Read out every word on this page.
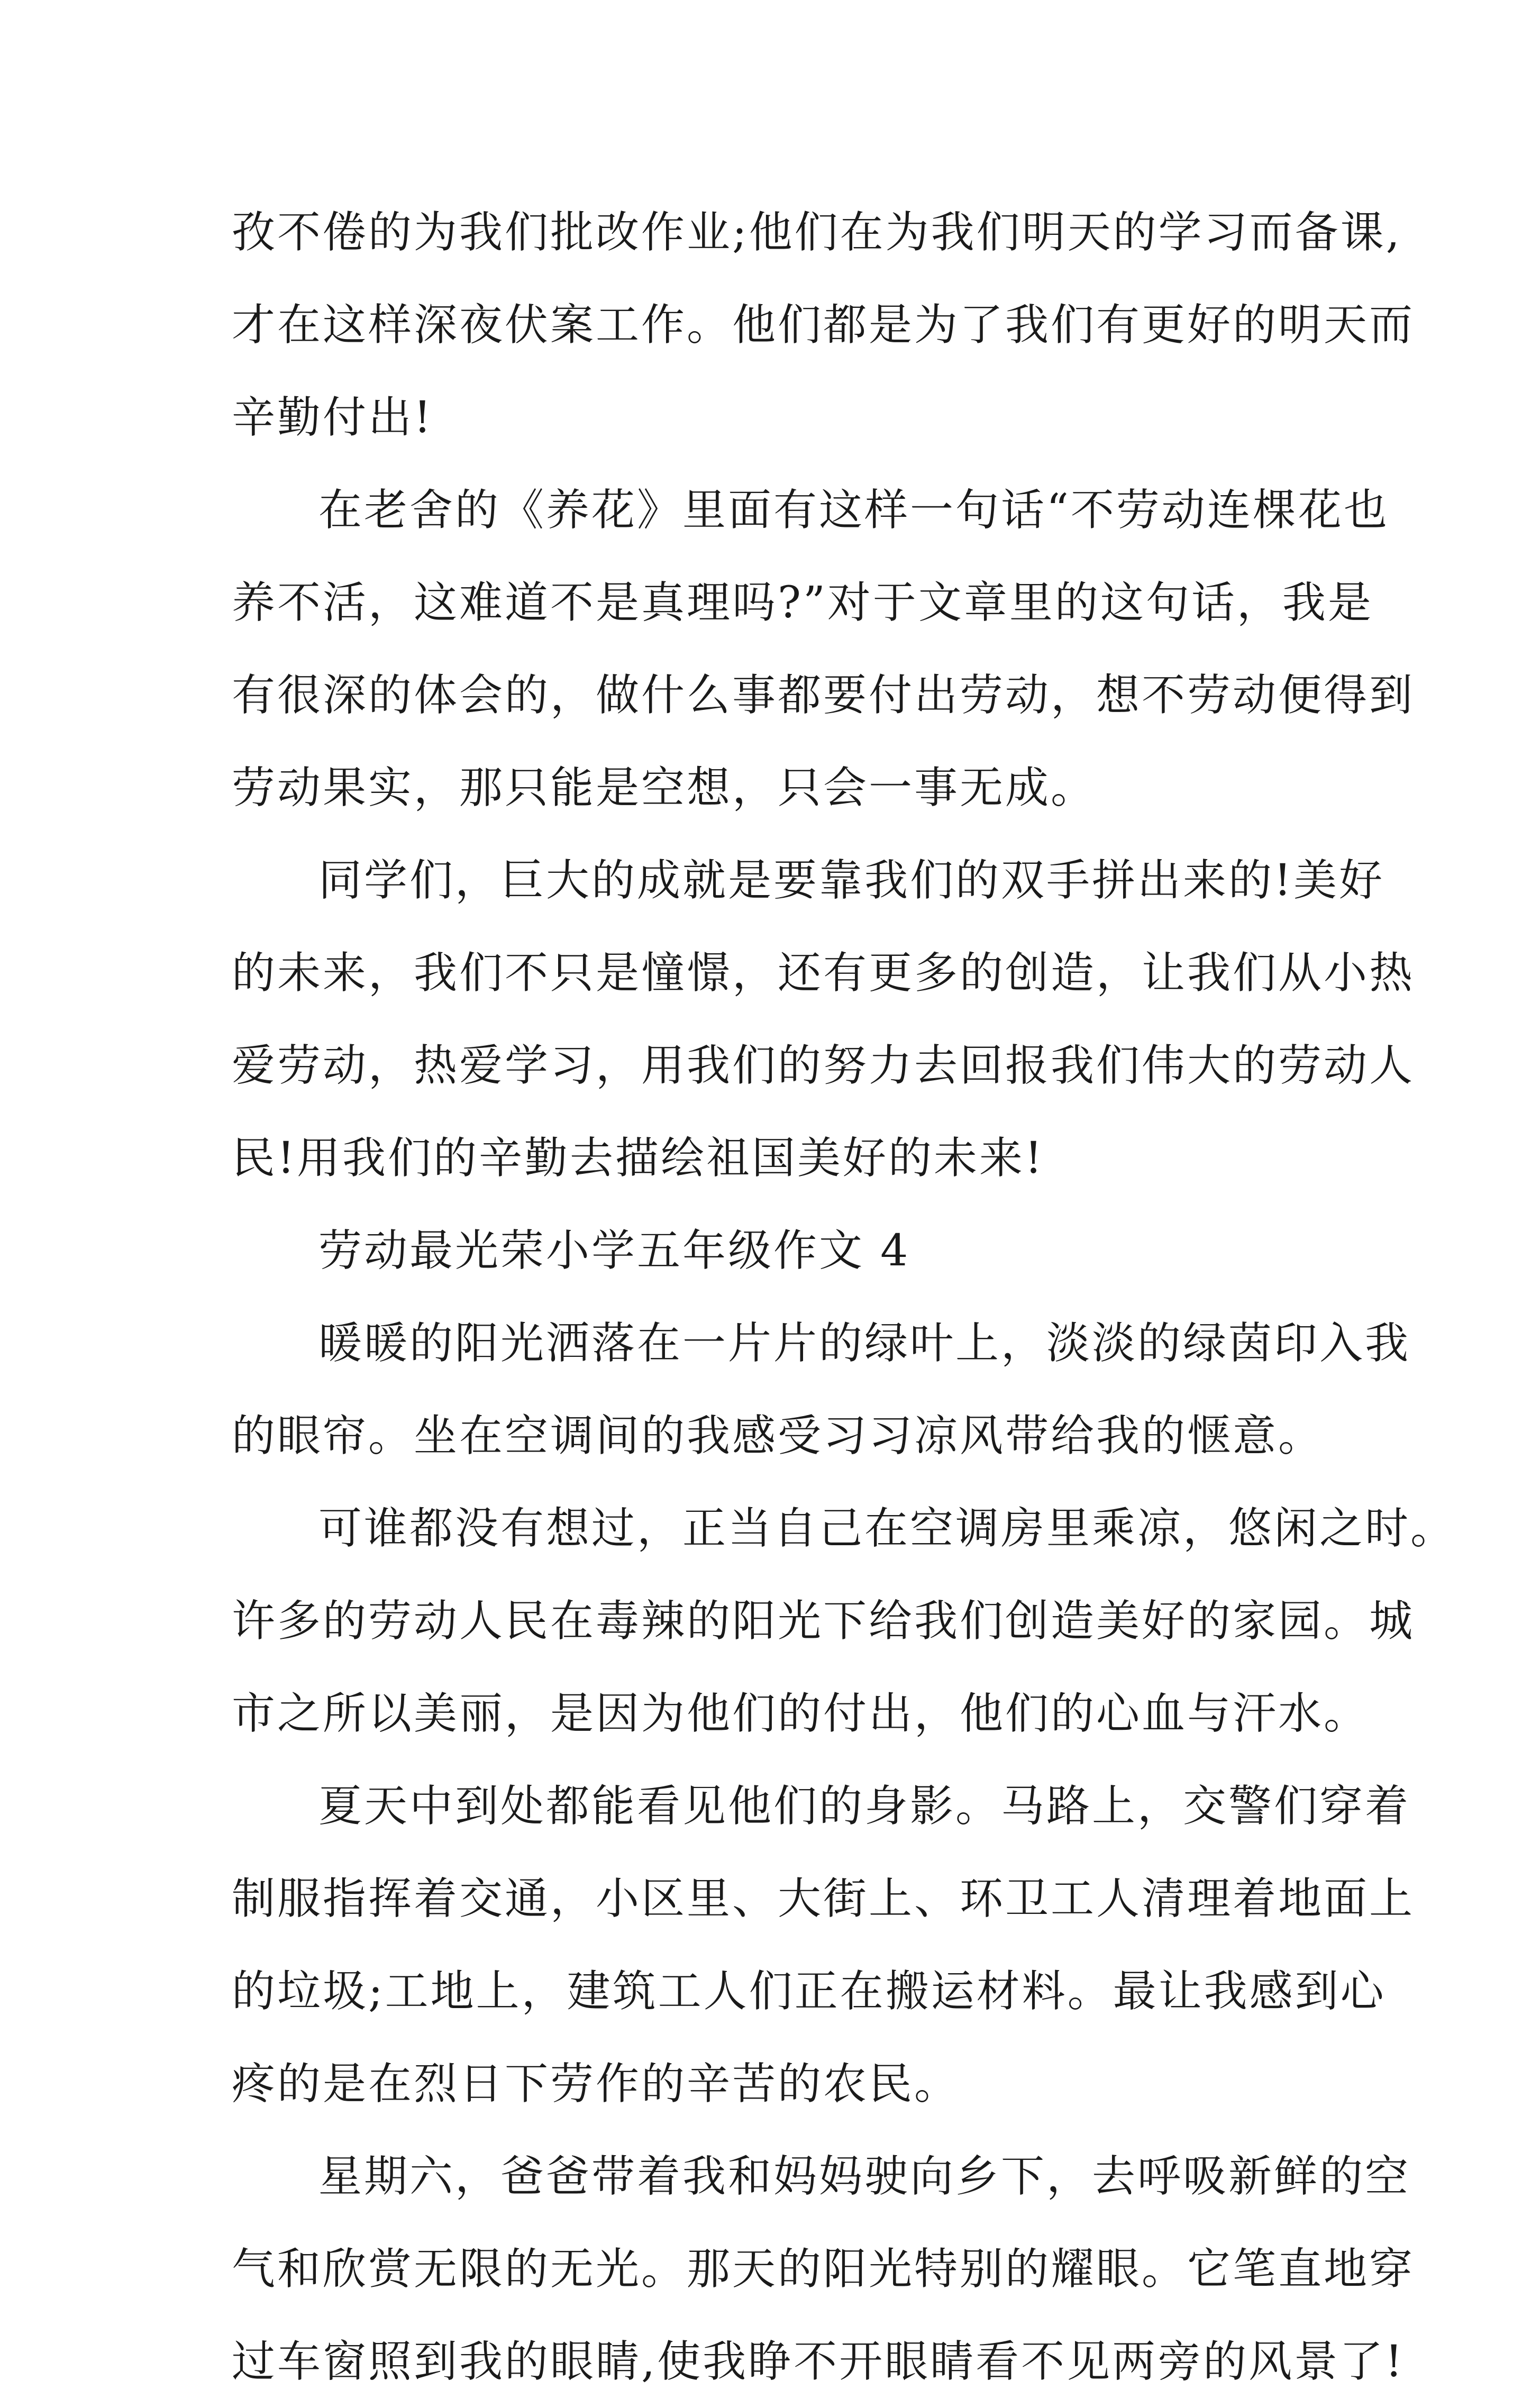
孜不倦的为我们批改作业;他们在为我们明天的学习而备课,
才在这样深夜伏案工作。他们都是为了我们有更好的明天而
辛勤付出!
在老舍的《养花》里面有这样一句话“不劳动连棵花也
养不活，这难道不是真理吗?”对于文章里的这句话，我是
有很深的体会的，做什么事都要付出劳动，想不劳动便得到
劳动果实，那只能是空想，只会一事无成。
同学们，巨大的成就是要靠我们的双手拼出来的!美好
的未来，我们不只是憧憬，还有更多的创造，让我们从小热
爱劳动，热爱学习，用我们的努力去回报我们伟大的劳动人
民!用我们的辛勤去描绘祖国美好的未来!
劳动最光荣小学五年级作文 4
暖暖的阳光洒落在一片片的绿叶上，淡淡的绿茵印入我
的眼帘。坐在空调间的我感受习习凉风带给我的惬意。
可谁都没有想过，正当自己在空调房里乘凉，悠闲之时。
许多的劳动人民在毒辣的阳光下给我们创造美好的家园。城
市之所以美丽，是因为他们的付出，他们的心血与汗水。
夏天中到处都能看见他们的身影。马路上，交警们穿着
制服指挥着交通，小区里、大街上、环卫工人清理着地面上
的垃圾;工地上，建筑工人们正在搬运材料。最让我感到心
疼的是在烈日下劳作的辛苦的农民。
星期六，爸爸带着我和妈妈驶向乡下，去呼吸新鲜的空
气和欣赏无限的无光。那天的阳光特别的耀眼。它笔直地穿
过车窗照到我的眼睛,使我睁不开眼睛看不见两旁的风景了!
